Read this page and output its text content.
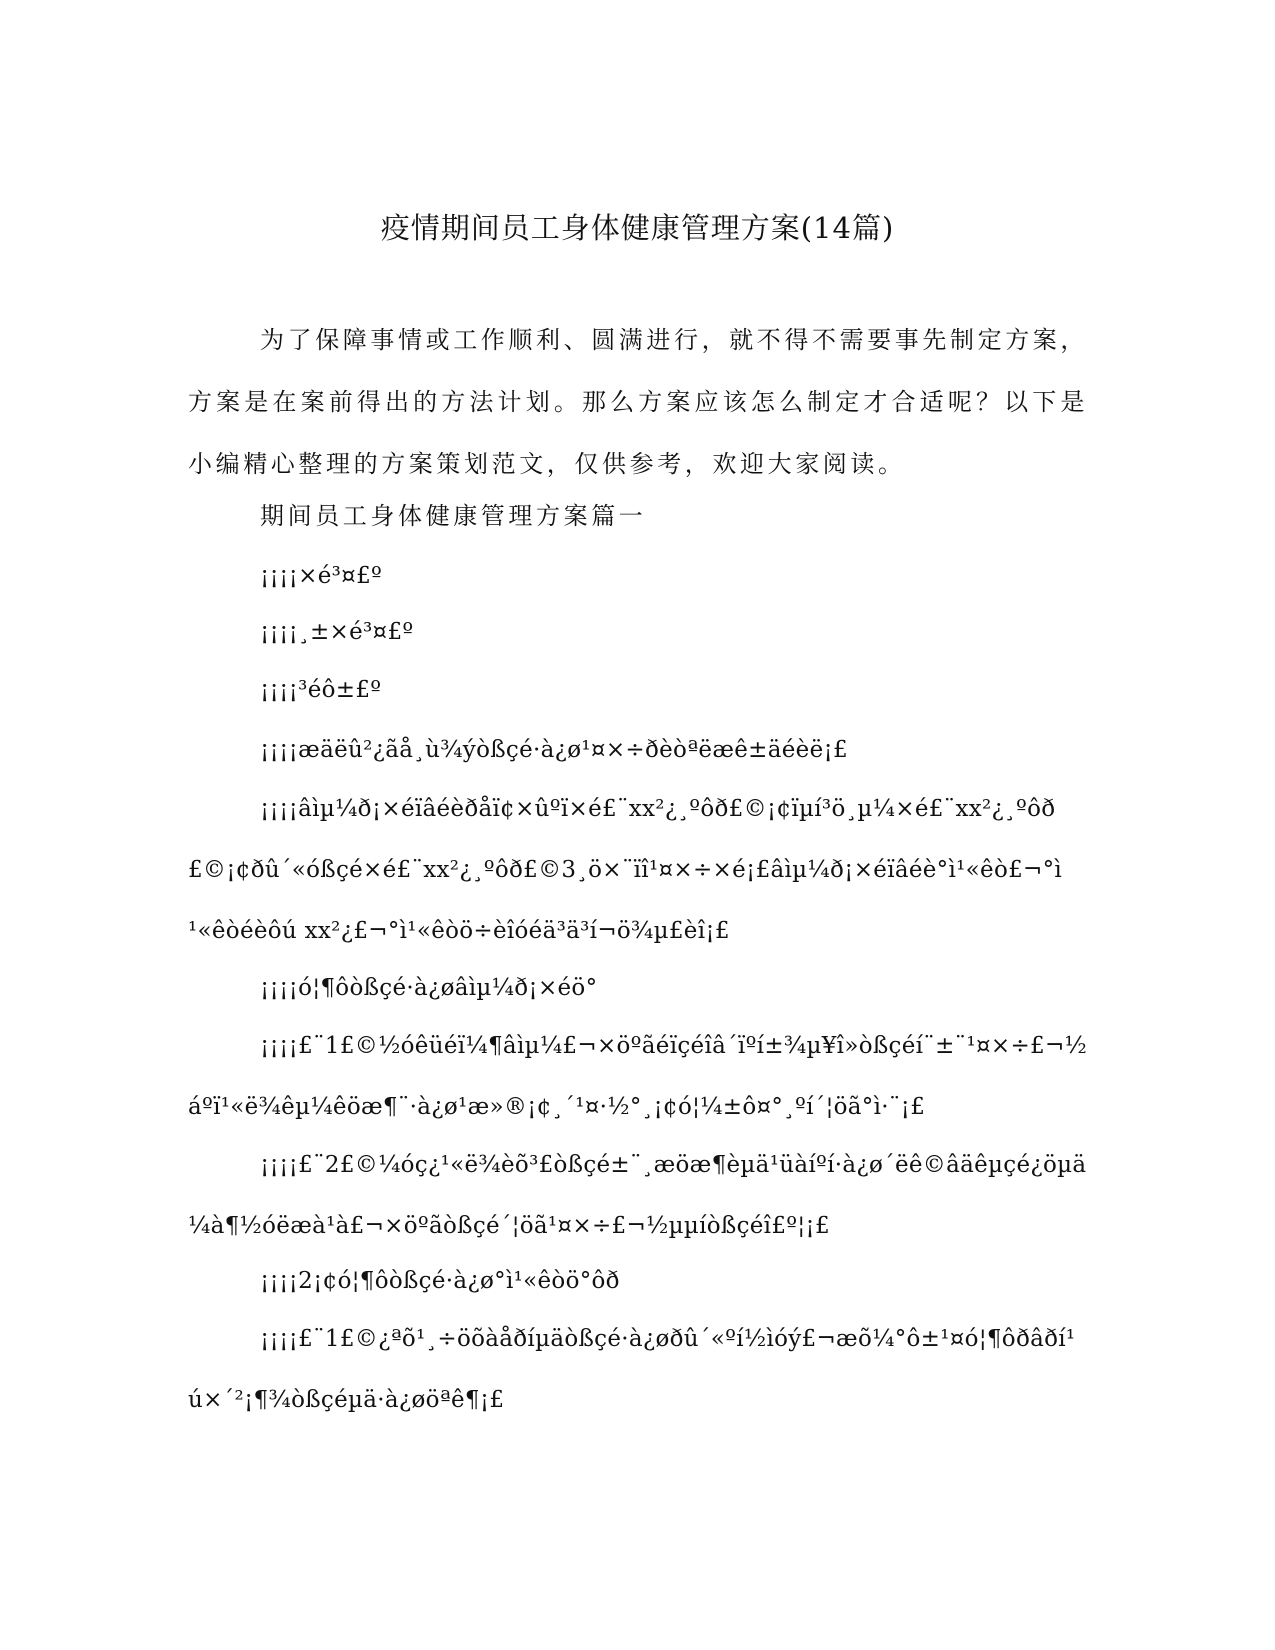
疫情期间员工身体健康管理方案(14篇)

为了保障事情或工作顺利、圆满进行，就不得不需要事先制定方案，方案是在案前得出的方法计划。那么方案应该怎么制定才合适呢？以下是小编精心整理的方案策划范文，仅供参考，欢迎大家阅读。

期间员工身体健康管理方案篇一

¡¡¡¡×é³¤£º

¡¡¡¡¸±×é³¤£º

¡¡¡¡³éô±£º

¡¡¡¡æäëû²¿ãå¸ù¾ýòßçé·à¿ø¹¤×÷ðèòªëæê±äéèë¡£

¡¡¡¡âìµ¼ð¡×éïâéèðåï¢×ûºï×é£¨xx²¿¸ºôð£©¡¢ïµí³ö¸µ¼×é£¨xx²¿¸ºôð£©¡¢ðû´«óßçé×é£¨xx²¿¸ºôð£©3¸ö×¨ïî¹¤×÷×é¡£âìµ¼ð¡×éïâéè°ì¹«êò£¬°ì¹«êòéèôú xx²¿£¬°ì¹«êòö÷èîóéä³ä³í¬ö¾µ£èî¡£

¡¡¡¡ó¦¶ôòßçé·à¿øâìµ¼ð¡×éö°

¡¡¡¡£¨1£©½óêüéï¼¶âìµ¼£¬×öºãéïçéîâ´ïºí±¾µ¥î»òßçéí¨±¨¹¤×÷£¬½áºï¹«ë¾êµ¼êöæ¶¨·à¿ø¹æ»®¡¢¸´¹¤·½°¸¡¢ó¦¼±ô¤°¸ºí´¦öã°ì·¨¡£

¡¡¡¡£¨2£©¼óç¿¹«ë¾èõ³£òßçé±¨¸æöæ¶èµä¹üàíºí·à¿ø´ëê©âäêµçé¿öµä¼à¶½óëæà¹à£¬×öºãòßçé´¦öã¹¤×÷£¬½µµíòßçéî£º¦¡£

¡¡¡¡2¡¢ó¦¶ôòßçé·à¿ø°ì¹«êòö°ôð

¡¡¡¡£¨1£©¿ªõ¹¸÷öõàåðíµäòßçé·à¿øðû´«ºí½ìóý£¬æõ¼°ô±¹¤ó¦¶ôðâðí¹ú×´²¡¶¾òßçéµä·à¿øöªê¶¡£
